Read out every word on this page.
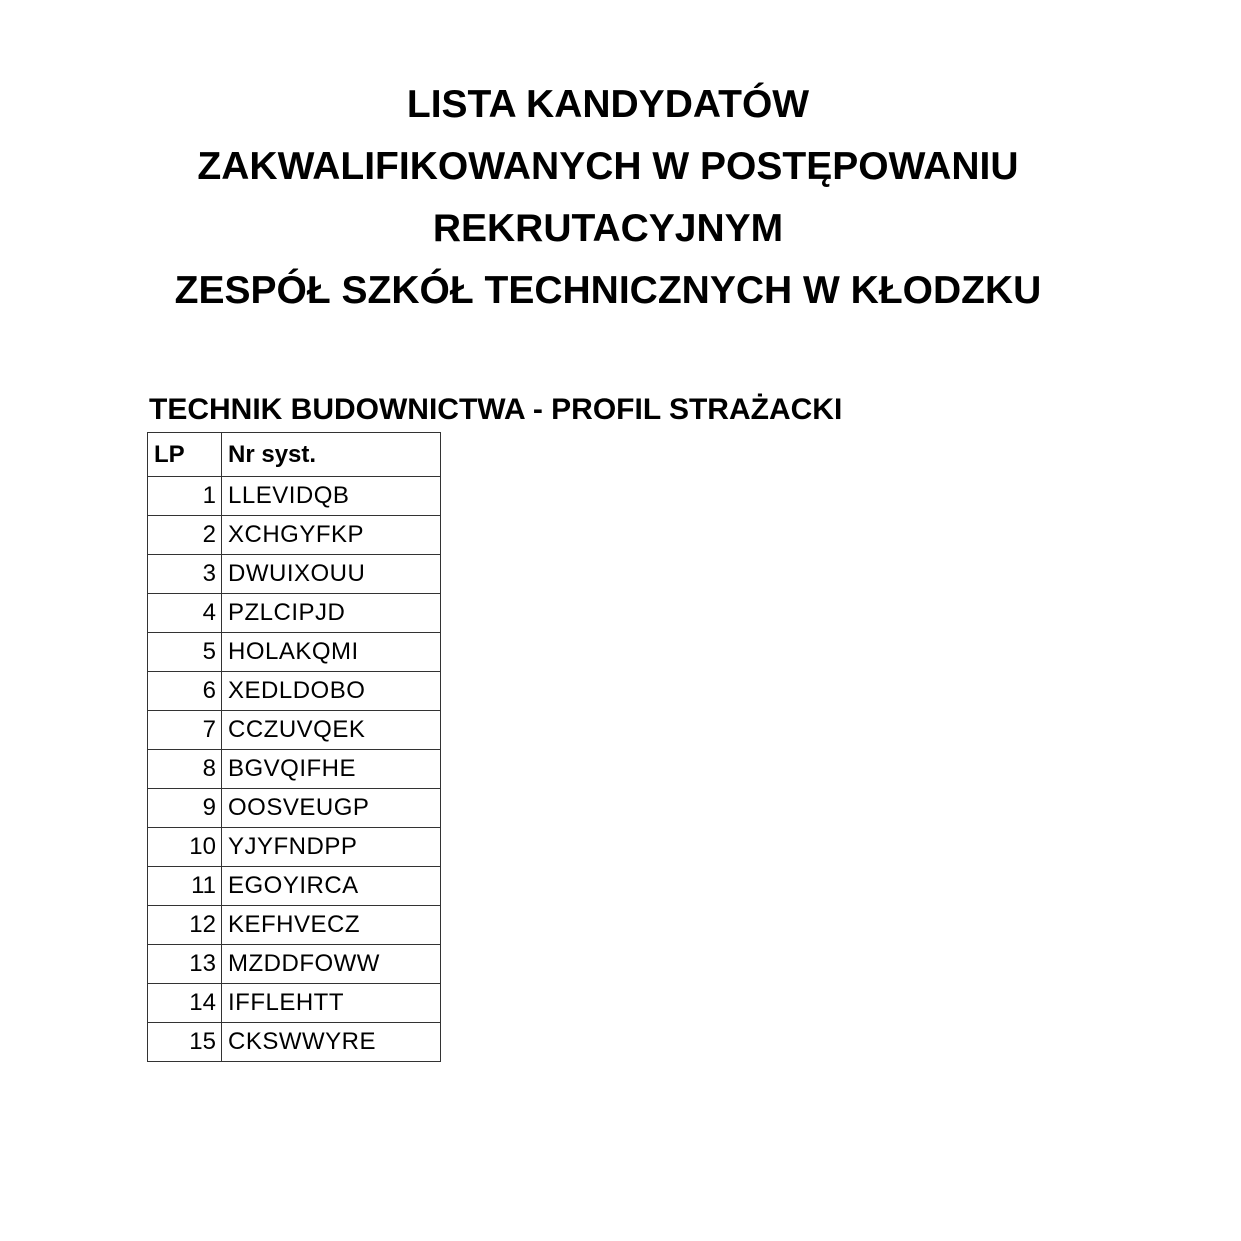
LISTA KANDYDATÓW
ZAKWALIFIKOWANYCH W POSTĘPOWANIU
REKRUTACYJNYM
ZESPÓŁ SZKÓŁ TECHNICZNYCH W KŁODZKU
TECHNIK BUDOWNICTWA - PROFIL STRAŻACKI
LP	Nr syst.
1	LLEVIDQB
2	XCHGYFKP
3	DWUIXOUU
4	PZLCIPJD
5	HOLAKQMI
6	XEDLDOBO
7	CCZUVQEK
8	BGVQIFHE
9	OOSVEUGP
10	YJYFNDPP
11	EGOYIRCA
12	KEFHVECZ
13	MZDDFOWW
14	IFFLEHTT
15	CKSWWYRE
